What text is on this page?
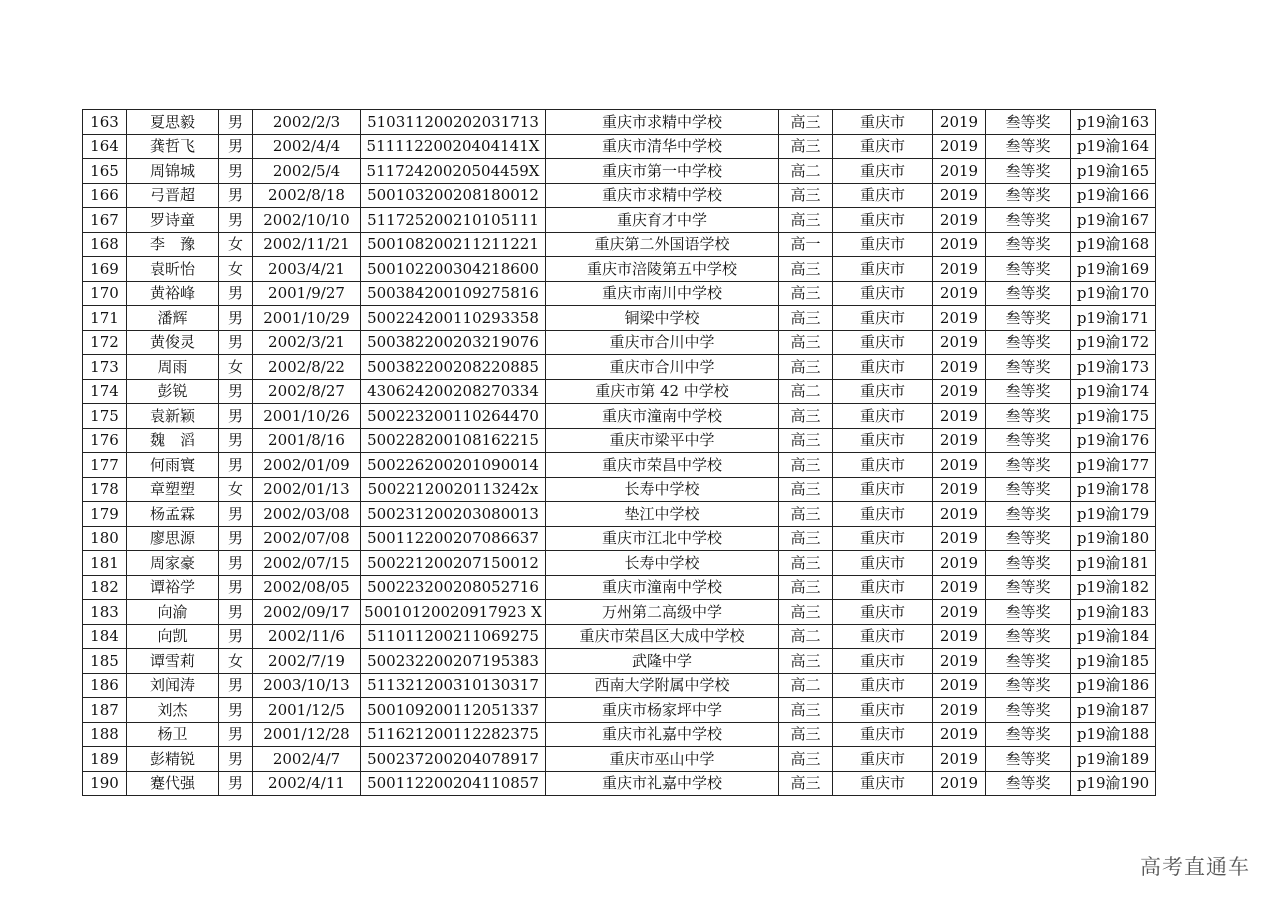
163	夏思毅	男	2002/2/3	510311200202031713	重庆市求精中学校	高三	重庆市	2019	叁等奖	p19渝163
164	龚哲飞	男	2002/4/4	51111220020404141X	重庆市清华中学校	高三	重庆市	2019	叁等奖	p19渝164
165	周锦城	男	2002/5/4	51172420020504459X	重庆市第一中学校	高二	重庆市	2019	叁等奖	p19渝165
166	弓晋超	男	2002/8/18	500103200208180012	重庆市求精中学校	高三	重庆市	2019	叁等奖	p19渝166
167	罗诗童	男	2002/10/10	511725200210105111	重庆育才中学	高三	重庆市	2019	叁等奖	p19渝167
168	李　豫	女	2002/11/21	500108200211211221	重庆第二外国语学校	高一	重庆市	2019	叁等奖	p19渝168
169	袁昕怡	女	2003/4/21	500102200304218600	重庆市涪陵第五中学校	高三	重庆市	2019	叁等奖	p19渝169
170	黄裕峰	男	2001/9/27	500384200109275816	重庆市南川中学校	高三	重庆市	2019	叁等奖	p19渝170
171	潘辉	男	2001/10/29	500224200110293358	铜梁中学校	高三	重庆市	2019	叁等奖	p19渝171
172	黄俊灵	男	2002/3/21	500382200203219076	重庆市合川中学	高三	重庆市	2019	叁等奖	p19渝172
173	周雨	女	2002/8/22	500382200208220885	重庆市合川中学	高三	重庆市	2019	叁等奖	p19渝173
174	彭锐	男	2002/8/27	430624200208270334	重庆市第 42 中学校	高二	重庆市	2019	叁等奖	p19渝174
175	袁新颖	男	2001/10/26	500223200110264470	重庆市潼南中学校	高三	重庆市	2019	叁等奖	p19渝175
176	魏　滔	男	2001/8/16	500228200108162215	重庆市梁平中学	高三	重庆市	2019	叁等奖	p19渝176
177	何雨寰	男	2002/01/09	500226200201090014	重庆市荣昌中学校	高三	重庆市	2019	叁等奖	p19渝177
178	章塑塑	女	2002/01/13	50022120020113242x	长寿中学校	高三	重庆市	2019	叁等奖	p19渝178
179	杨孟霖	男	2002/03/08	500231200203080013	垫江中学校	高三	重庆市	2019	叁等奖	p19渝179
180	廖思源	男	2002/07/08	500112200207086637	重庆市江北中学校	高三	重庆市	2019	叁等奖	p19渝180
181	周家豪	男	2002/07/15	500221200207150012	长寿中学校	高三	重庆市	2019	叁等奖	p19渝181
182	谭裕学	男	2002/08/05	500223200208052716	重庆市潼南中学校	高三	重庆市	2019	叁等奖	p19渝182
183	向渝	男	2002/09/17	50010120020917923 X	万州第二高级中学	高三	重庆市	2019	叁等奖	p19渝183
184	向凯	男	2002/11/6	511011200211069275	重庆市荣昌区大成中学校	高二	重庆市	2019	叁等奖	p19渝184
185	谭雪莉	女	2002/7/19	500232200207195383	武隆中学	高三	重庆市	2019	叁等奖	p19渝185
186	刘闻涛	男	2003/10/13	511321200310130317	西南大学附属中学校	高二	重庆市	2019	叁等奖	p19渝186
187	刘杰	男	2001/12/5	500109200112051337	重庆市杨家坪中学	高三	重庆市	2019	叁等奖	p19渝187
188	杨卫	男	2001/12/28	511621200112282375	重庆市礼嘉中学校	高三	重庆市	2019	叁等奖	p19渝188
189	彭精锐	男	2002/4/7	500237200204078917	重庆市巫山中学	高三	重庆市	2019	叁等奖	p19渝189
190	蹇代强	男	2002/4/11	500112200204110857	重庆市礼嘉中学校	高三	重庆市	2019	叁等奖	p19渝190
高考直通车
